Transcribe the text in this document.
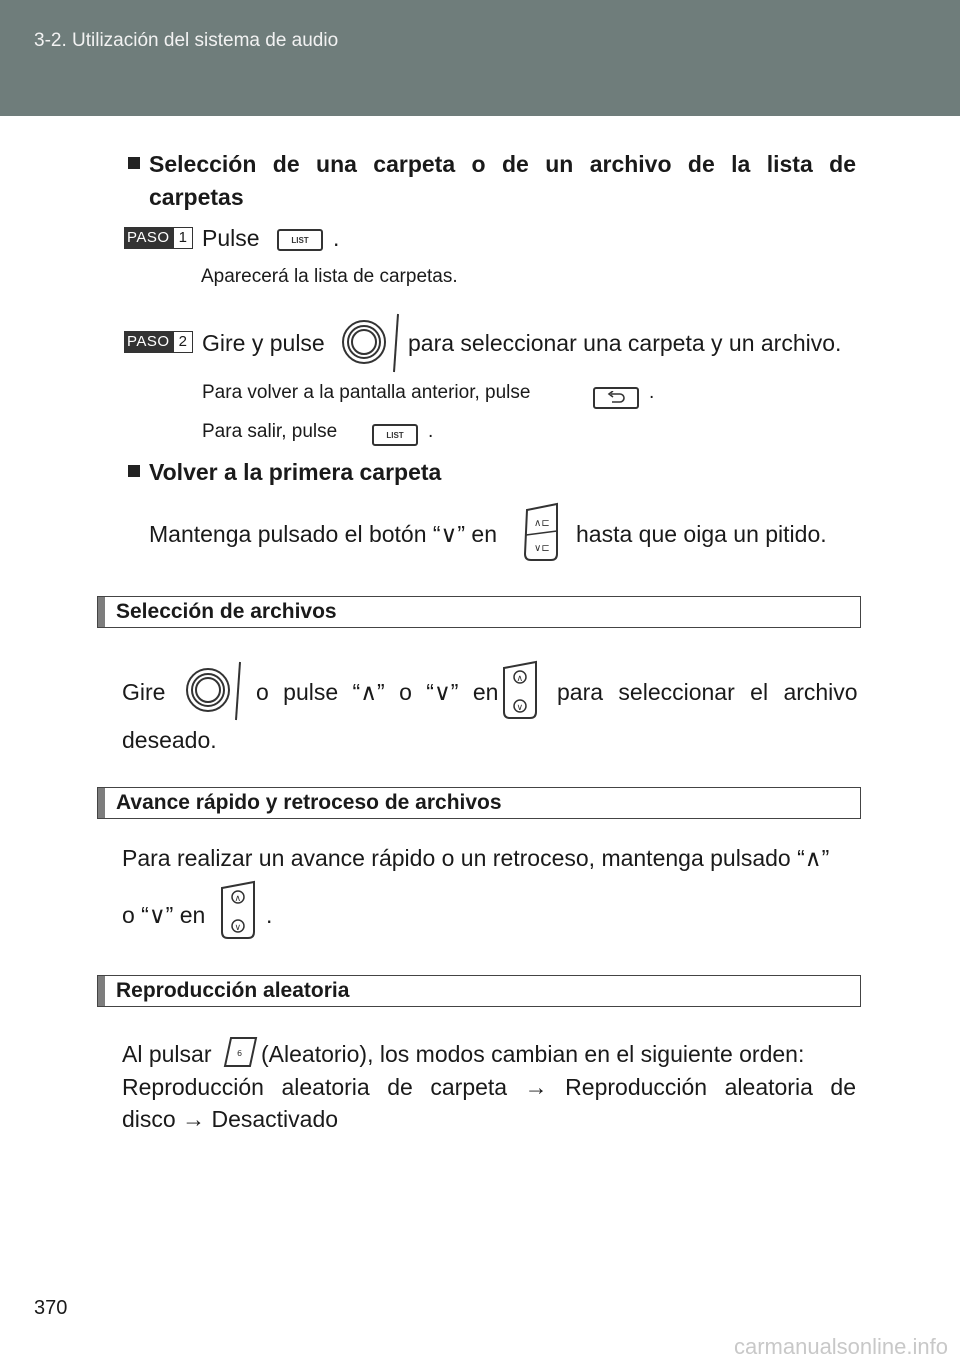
3-2. Utilización del sistema de audio
Selección de una carpeta o de un archivo de la lista de
carpetas
PASO 1 Pulse	LIST	.
Aparecerá la lista de carpetas.
PASO 2 Gire y pulse	para seleccionar una carpeta y un archivo.
Para volver a la pantalla anterior, pulse	.
Para salir, pulse	LIST	.
Volver a la primera carpeta
Mantenga pulsado el botón “∨” en	∧⊏
∨⊏
hasta que oiga un pitido.
Selección de archivos
Gire	o pulse “∧” o “∨” en ∧
∨
para seleccionar el archivo
deseado.
Avance rápido y retroceso de archivos
Para realizar un avance rápido o un retroceso, mantenga pulsado “∧”
o “∨” en
∧
∨ .
Reproducción aleatoria
Al pulsar	6 (Aleatorio), los modos cambian en el siguiente orden:
Reproducción aleatoria de carpeta → Reproducción aleatoria de
disco → Desactivado
370
carmanualsonline.info
